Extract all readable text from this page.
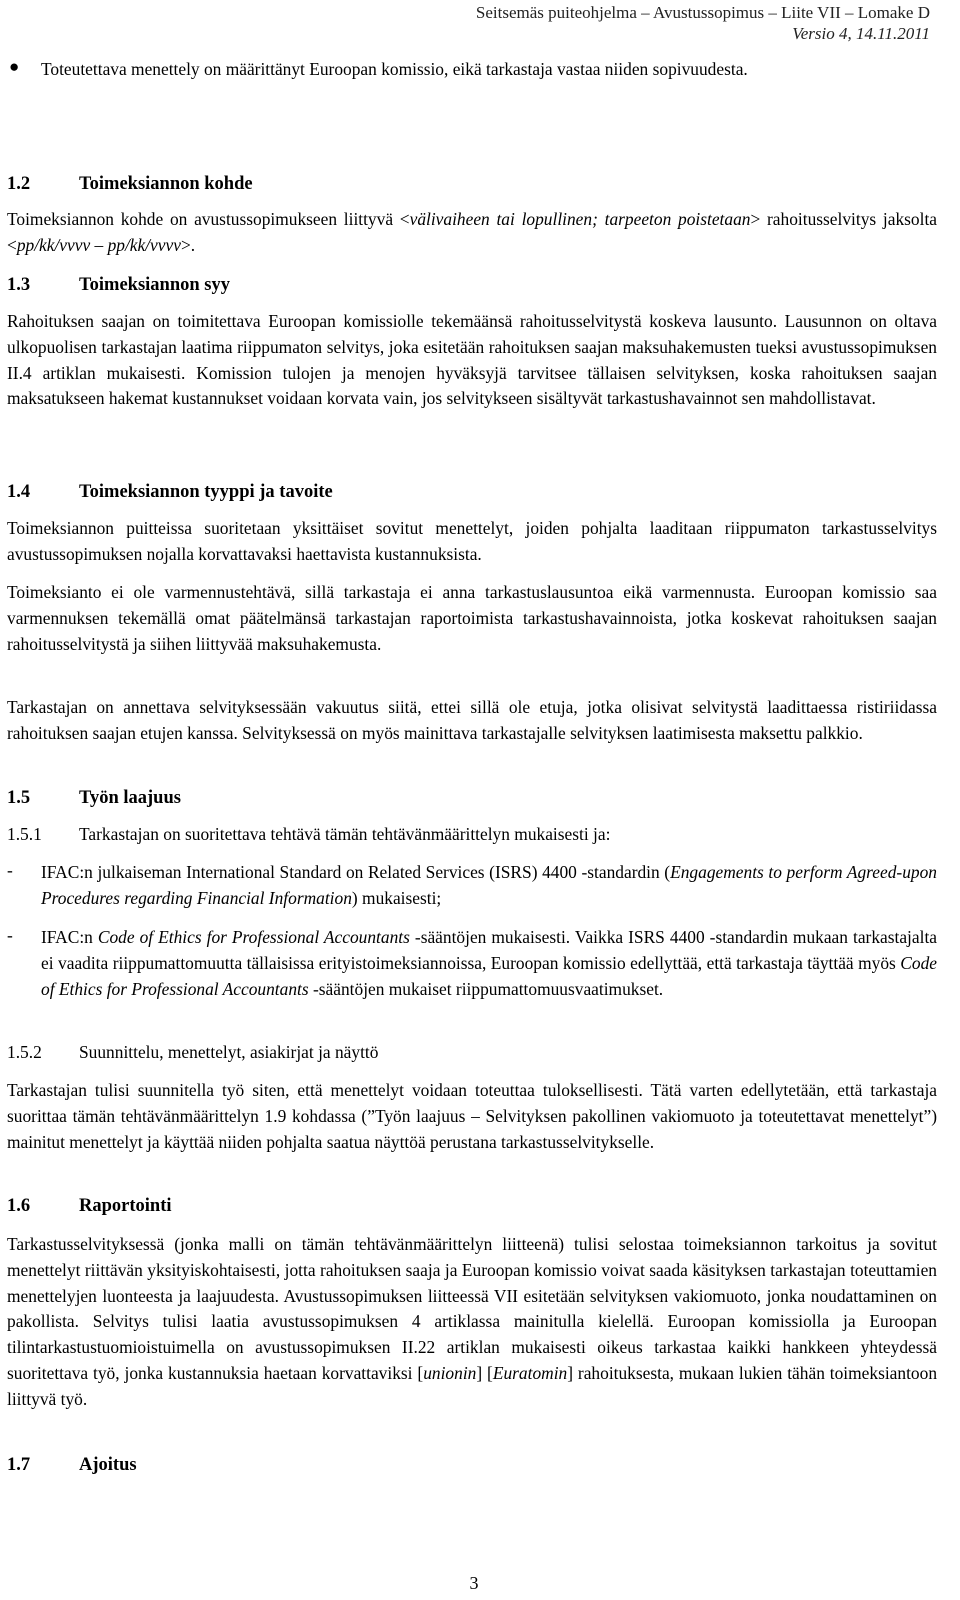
Seitsemäs puiteohjelma – Avustussopimus – Liite VII – Lomake D
Versio 4, 14.11.2011
● Toteutettava menettely on määrittänyt Euroopan komissio, eikä tarkastaja vastaa niiden sopivuudesta.

1.2	Toimeksiannon kohde

Toimeksiannon kohde on avustussopimukseen liittyvä <välivaiheen tai lopullinen; tarpeeton poistetaan> rahoitusselvitys jaksolta <pp/kk/vvvv – pp/kk/vvvv>.

1.3	Toimeksiannon syy

Rahoituksen saajan on toimitettava Euroopan komissiolle tekemäänsä rahoitusselvitystä koskeva lausunto. Lausunnon on oltava ulkopuolisen tarkastajan laatima riippumaton selvitys, joka esitetään rahoituksen saajan maksuhakemusten tueksi avustussopimuksen II.4 artiklan mukaisesti. Komission tulojen ja menojen hyväksyjä tarvitsee tällaisen selvityksen, koska rahoituksen saajan maksatukseen hakemat kustannukset voidaan korvata vain, jos selvitykseen sisältyvät tarkastushavainnot sen mahdollistavat.

1.4	Toimeksiannon tyyppi ja tavoite

Toimeksiannon puitteissa suoritetaan yksittäiset sovitut menettelyt, joiden pohjalta laaditaan riippumaton tarkastusselvitys avustussopimuksen nojalla korvattavaksi haettavista kustannuksista.

Toimeksianto ei ole varmennustehtävä, sillä tarkastaja ei anna tarkastuslausuntoa eikä varmennusta. Euroopan komissio saa varmennuksen tekemällä omat päätelmänsä tarkastajan raportoimista tarkastushavainnoista, jotka koskevat rahoituksen saajan rahoitusselvitystä ja siihen liittyvää maksuhakemusta.

Tarkastajan on annettava selvityksessään vakuutus siitä, ettei sillä ole etuja, jotka olisivat selvitystä laadittaessa ristiriidassa rahoituksen saajan etujen kanssa. Selvityksessä on myös mainittava tarkastajalle selvityksen laatimisesta maksettu palkkio.

1.5	Työn laajuus
1.5.1 Tarkastajan on suoritettava tehtävä tämän tehtävänmäärittelyn mukaisesti ja:
- IFAC:n julkaiseman International Standard on Related Services (ISRS) 4400 -standardin (Engagements to perform Agreed-upon Procedures regarding Financial Information) mukaisesti;

- IFAC:n Code of Ethics for Professional Accountants -sääntöjen mukaisesti. Vaikka ISRS 4400 -standardin mukaan tarkastajalta ei vaadita riippumattomuutta tällaisissa erityistoimeksiannoissa, Euroopan komissio edellyttää, että tarkastaja täyttää myös Code of Ethics for Professional Accountants -sääntöjen mukaiset riippumattomuusvaatimukset.

1.5.2 Suunnittelu, menettelyt, asiakirjat ja näyttö

Tarkastajan tulisi suunnitella työ siten, että menettelyt voidaan toteuttaa tuloksellisesti. Tätä varten edellytetään, että tarkastaja suorittaa tämän tehtävänmäärittelyn 1.9 kohdassa (”Työn laajuus – Selvityksen pakollinen vakiomuoto ja toteutettavat menettelyt”) mainitut menettelyt ja käyttää niiden pohjalta saatua näyttöä perustana tarkastusselvitykselle.

1.6	Raportointi

Tarkastusselvityksessä (jonka malli on tämän tehtävänmäärittelyn liitteenä) tulisi selostaa toimeksiannon tarkoitus ja sovitut menettelyt riittävän yksityiskohtaisesti, jotta rahoituksen saaja ja Euroopan komissio voivat saada käsityksen tarkastajan toteuttamien menettelyjen luonteesta ja laajuudesta. Avustussopimuksen liitteessä VII esitetään selvityksen vakiomuoto, jonka noudattaminen on pakollista. Selvitys tulisi laatia avustussopimuksen 4 artiklassa mainitulla kielellä. Euroopan komissiolla ja Euroopan tilintarkastustuomioistuimella on avustussopimuksen II.22 artiklan mukaisesti oikeus tarkastaa kaikki hankkeen yhteydessä suoritettava työ, jonka kustannuksia haetaan korvattaviksi [unionin] [Euratomin] rahoituksesta, mukaan lukien tähän toimeksiantoon liittyvä työ.

1.7	Ajoitus
3
